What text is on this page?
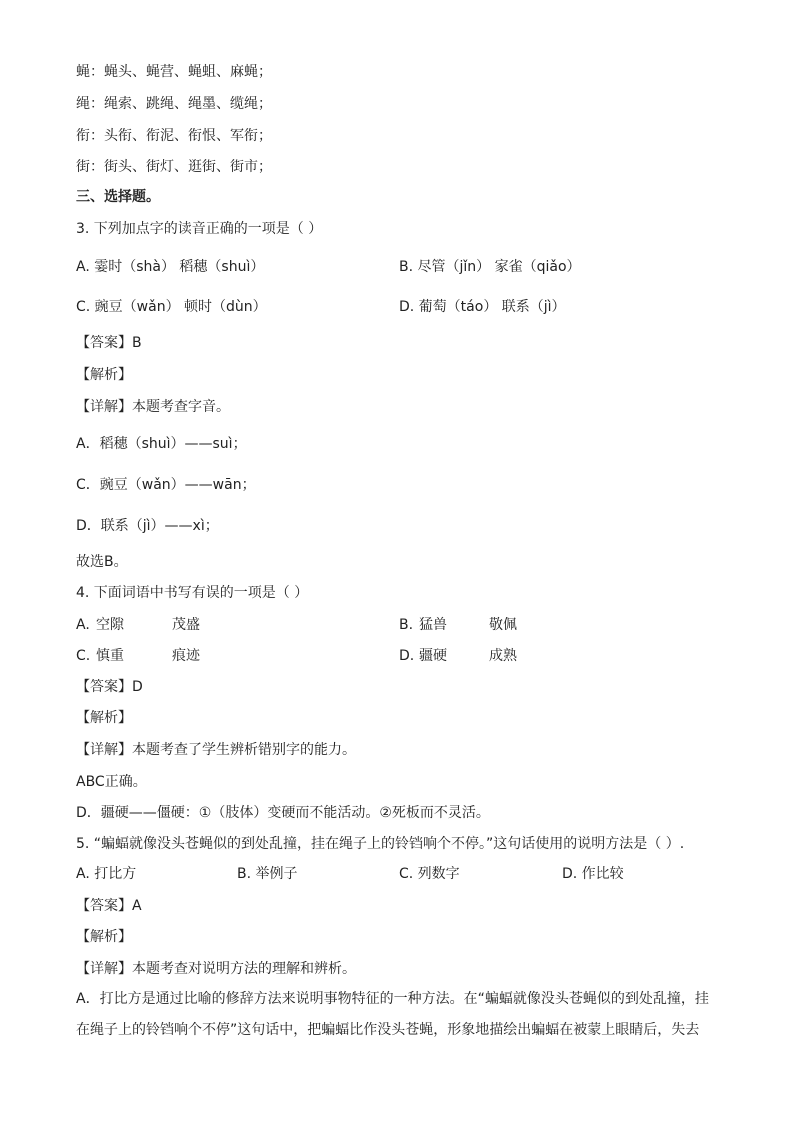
蝇：蝇头、蝇营、蝇蛆、麻蝇；
绳：绳索、跳绳、绳墨、缆绳；
衔：头衔、衔泥、衔恨、军衔；
街：街头、街灯、逛街、街市；
三、选择题。
3. 下列加点字的读音正确的一项是（ ）
A. 霎时（shà） 稻穗（shuì）	B. 尽管（jǐn） 家雀（qiǎo）
C. 豌豆（wǎn） 顿时（dùn）	D. 葡萄（táo） 联系（jì）
【答案】B
【解析】
【详解】本题考查字音。
A．稻穗（shuì）——suì；
C．豌豆（wǎn）——wān；
D．联系（jì）——xì；
故选B。
4. 下面词语中书写有误的一项是（ ）
A. 空隙	茂盛	B. 猛兽	敬佩
C. 慎重	痕迹	D. 疆硬	成熟
【答案】D
【解析】
【详解】本题考查了学生辨析错别字的能力。
ABC正确。
D．疆硬——僵硬：①（肢体）变硬而不能活动。②死板而不灵活。
5. “蝙蝠就像没头苍蝇似的到处乱撞，挂在绳子上的铃铛响个不停。”这句话使用的说明方法是（ ）.
A. 打比方	B. 举例子	C. 列数字	D. 作比较
【答案】A
【解析】
【详解】本题考查对说明方法的理解和辨析。
A．打比方是通过比喻的修辞方法来说明事物特征的一种方法。在“蝙蝠就像没头苍蝇似的到处乱撞，挂
在绳子上的铃铛响个不停”这句话中，把蝙蝠比作没头苍蝇，形象地描绘出蝙蝠在被蒙上眼睛后，失去
